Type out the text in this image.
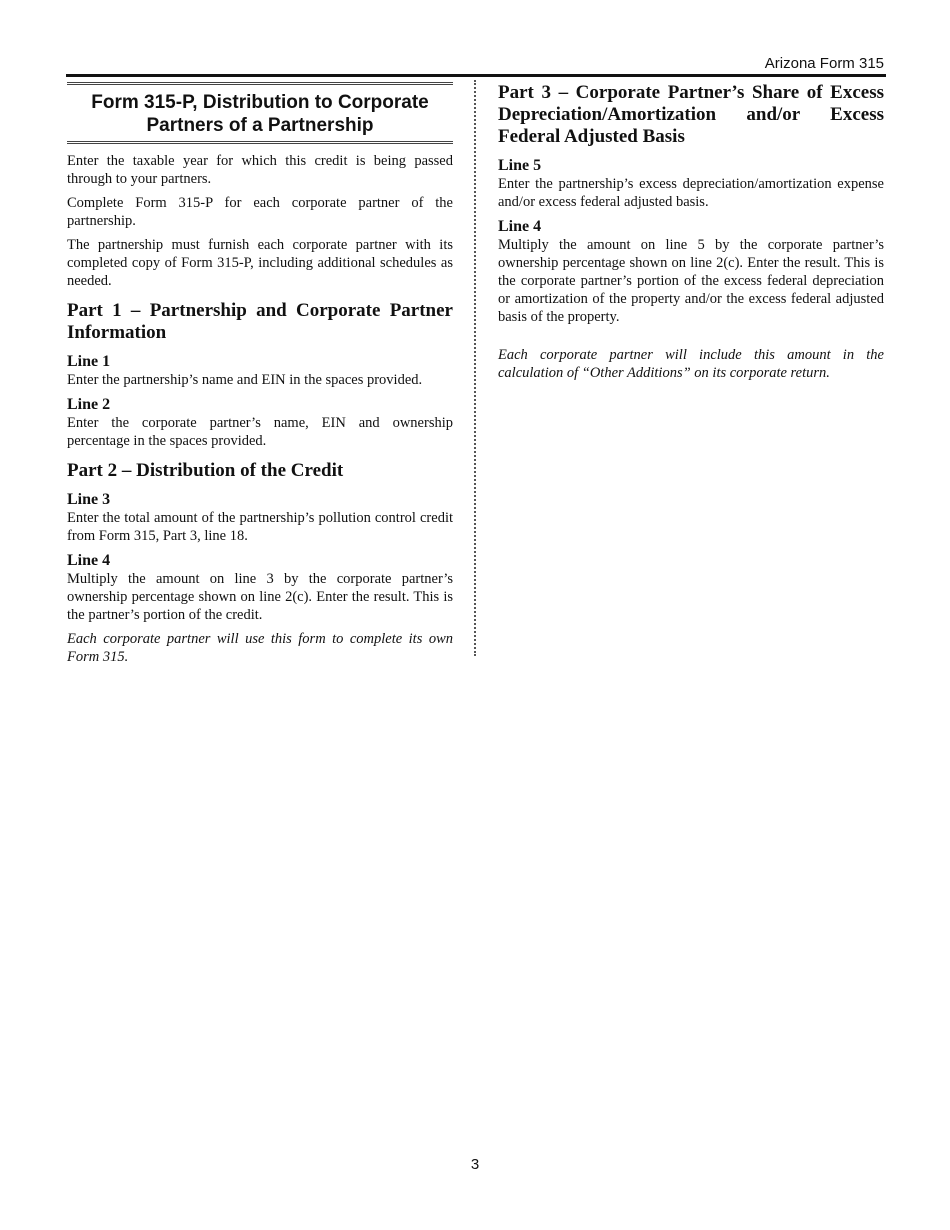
Arizona Form 315
Form 315-P, Distribution to Corporate Partners of a Partnership

Enter the taxable year for which this credit is being passed through to your partners.

Complete Form 315-P for each corporate partner of the partnership.

The partnership must furnish each corporate partner with its completed copy of Form 315-P, including additional schedules as needed.

Part 1 – Partnership and Corporate Partner Information
Line 1

Enter the partnership’s name and EIN in the spaces provided.

Line 2

Enter the corporate partner’s name, EIN and ownership percentage in the spaces provided.

Part 2 – Distribution of the Credit
Line 3

Enter the total amount of the partnership’s pollution control credit from Form 315, Part 3, line 18.

Line 4

Multiply the amount on line 3 by the corporate partner’s ownership percentage shown on line 2(c). Enter the result. This is the partner’s portion of the credit.

Each corporate partner will use this form to complete its own Form 315.

Part 3 – Corporate Partner’s Share of Excess Depreciation/Amortization and/or Excess Federal Adjusted Basis
Line 5

Enter the partnership’s excess depreciation/amortization expense and/or excess federal adjusted basis.

Line 4

Multiply the amount on line 5 by the corporate partner’s ownership percentage shown on line 2(c). Enter the result. This is the corporate partner’s portion of the excess federal depreciation or amortization of the property and/or the excess federal adjusted basis of the property.

Each corporate partner will include this amount in the calculation of “Other Additions” on its corporate return.

3
